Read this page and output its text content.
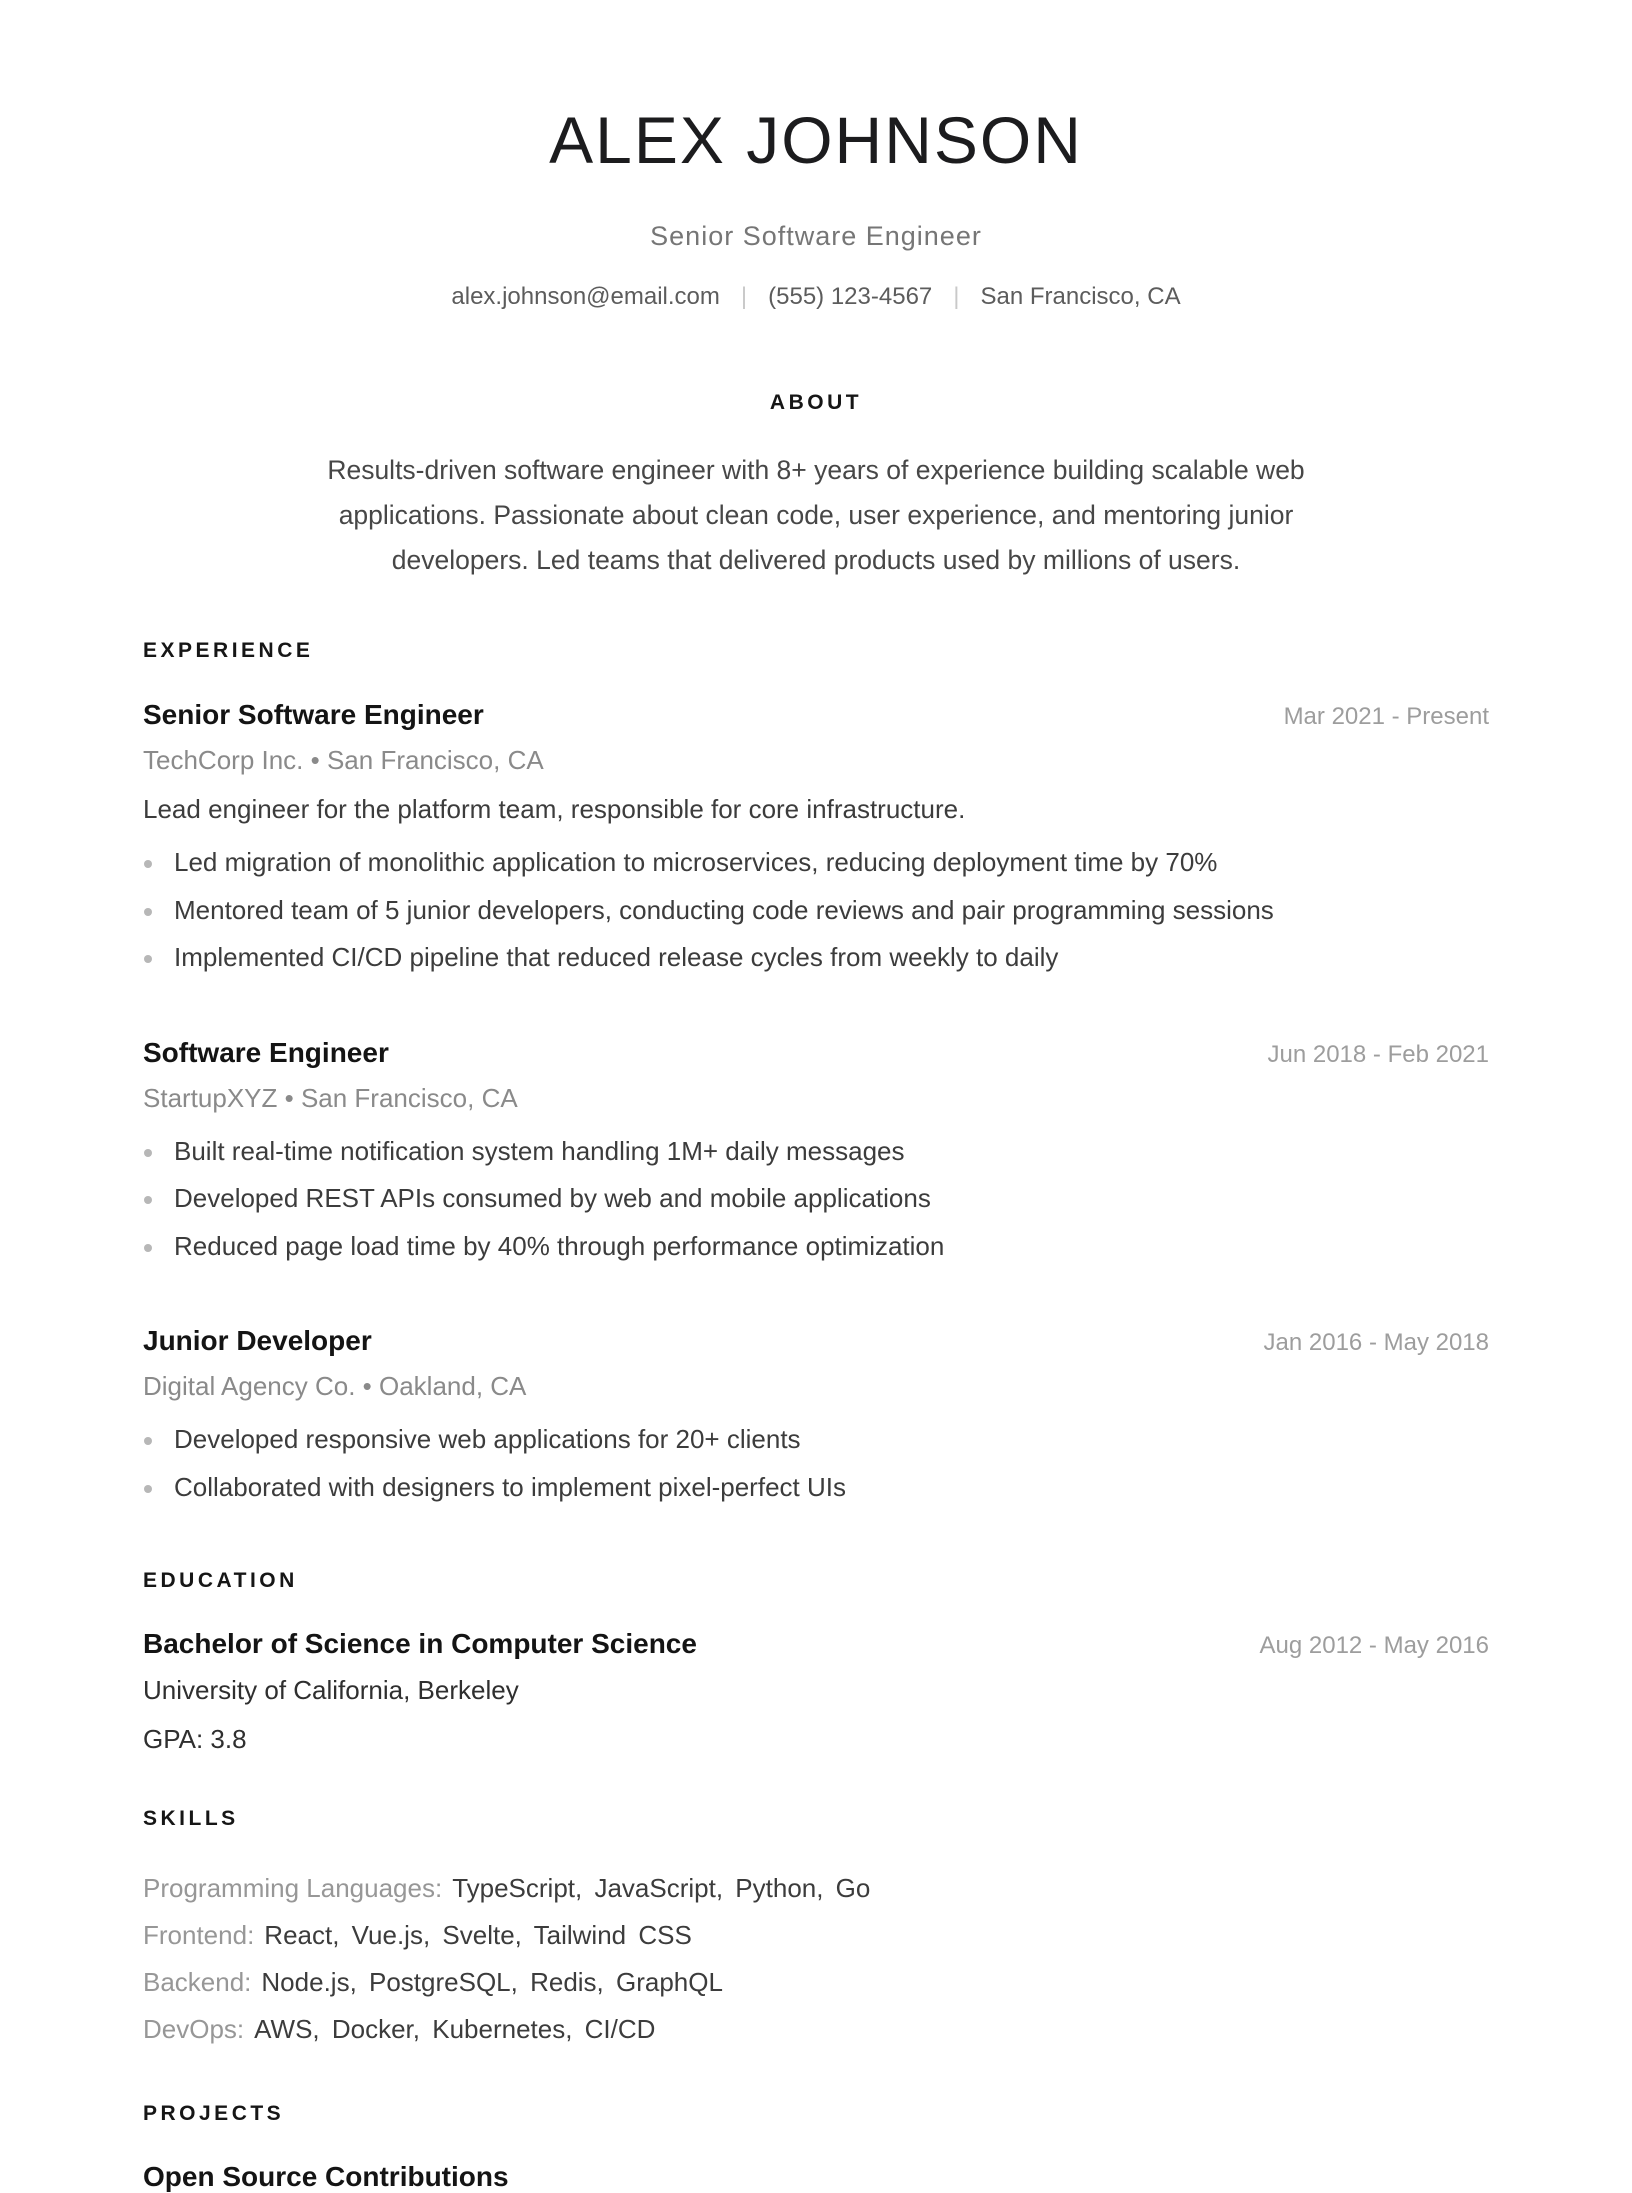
ALEX JOHNSON
Senior Software Engineer
alex.johnson@email.com | (555) 123-4567 | San Francisco, CA
ABOUT

Results-driven software engineer with 8+ years of experience building scalable web applications. Passionate about clean code, user experience, and mentoring junior developers. Led teams that delivered products used by millions of users.

EXPERIENCE
Senior Software Engineer	Mar 2021 - Present
TechCorp Inc. • San Francisco, CA
Lead engineer for the platform team, responsible for core infrastructure.
Led migration of monolithic application to microservices, reducing deployment time by 70%
Mentored team of 5 junior developers, conducting code reviews and pair programming sessions
Implemented CI/CD pipeline that reduced release cycles from weekly to daily
Software Engineer	Jun 2018 - Feb 2021
StartupXYZ • San Francisco, CA
Built real-time notification system handling 1M+ daily messages
Developed REST APIs consumed by web and mobile applications
Reduced page load time by 40% through performance optimization
Junior Developer	Jan 2016 - May 2018
Digital Agency Co. • Oakland, CA
Developed responsive web applications for 20+ clients
Collaborated with designers to implement pixel-perfect UIs
EDUCATION
Bachelor of Science in Computer Science	Aug 2012 - May 2016
University of California, Berkeley
GPA: 3.8
SKILLS
Programming Languages: TypeScript, JavaScript, Python, Go
Frontend: React, Vue.js, Svelte, Tailwind CSS
Backend: Node.js, PostgreSQL, Redis, GraphQL
DevOps: AWS, Docker, Kubernetes, CI/CD
PROJECTS
Open Source Contributions
